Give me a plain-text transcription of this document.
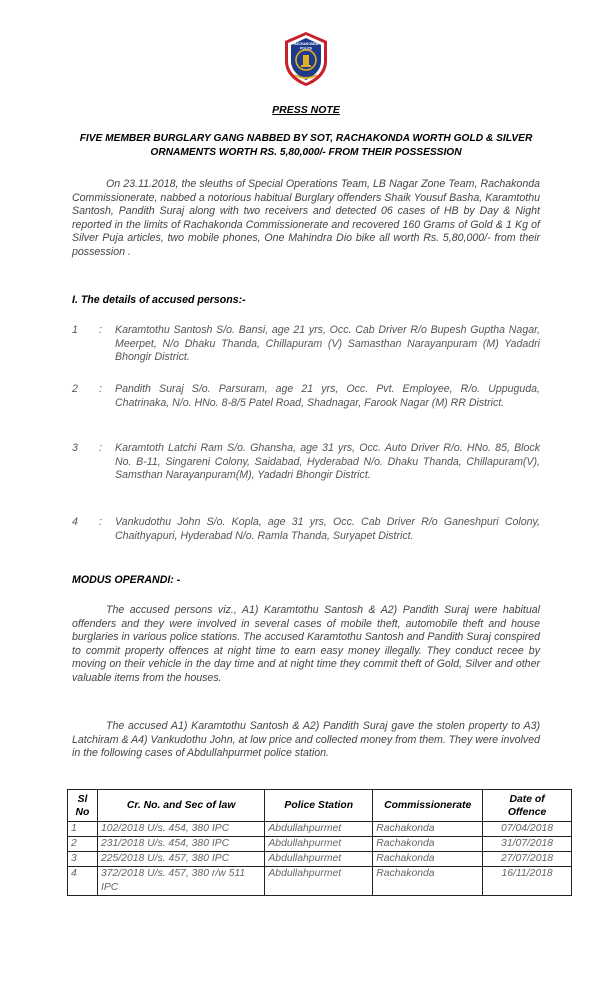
RACHAKONDA
POLICE
PRESS NOTE
FIVE MEMBER BURGLARY GANG NABBED BY SOT, RACHAKONDA WORTH GOLD & SILVER ORNAMENTS WORTH RS. 5,80,000/- FROM THEIR POSSESSION

On 23.11.2018, the sleuths of Special Operations Team, LB Nagar Zone Team, Rachakonda Commissionerate, nabbed a notorious habitual Burglary offenders Shaik Yousuf Basha, Karamtothu Santosh, Pandith Suraj along with two receivers and detected 06 cases of HB by Day & Night reported in the limits of Rachakonda Commissionerate and recovered 160 Grams of Gold & 1 Kg of Silver Puja articles, two mobile phones, One Mahindra Dio bike all worth Rs. 5,80,000/- from their possession .

I. The details of accused persons:-
1	: Karamtothu Santosh S/o. Bansi, age 21 yrs, Occ. Cab Driver R/o Bupesh Guptha Nagar, Meerpet, N/o Dhaku Thanda, Chillapuram (V) Samasthan Narayanpuram (M) Yadadri Bhongir District.

2	: Pandith Suraj S/o. Parsuram, age 21 yrs, Occ. Pvt. Employee, R/o. Uppuguda, Chatrinaka, N/o. HNo. 8-8/5 Patel Road, Shadnagar, Farook Nagar (M) RR District.

3	: Karamtoth Latchi Ram S/o. Ghansha, age 31 yrs, Occ. Auto Driver R/o. HNo. 85, Block No. B-11, Singareni Colony, Saidabad, Hyderabad N/o. Dhaku Thanda, Chillapuram(V), Samsthan Narayanpuram(M), Yadadri Bhongir District.

4	: Vankudothu John S/o. Kopla, age 31 yrs, Occ. Cab Driver R/o Ganeshpuri Colony, Chaithyapuri, Hyderabad N/o. Ramla Thanda, Suryapet District.

MODUS OPERANDI: -

The accused persons viz., A1) Karamtothu Santosh & A2) Pandith Suraj were habitual offenders and they were involved in several cases of mobile theft, automobile theft and house burglaries in various police stations. The accused Karamtothu Santosh and Pandith Suraj conspired to commit property offences at night time to earn easy money illegally. They conduct recee by moving on their vehicle in the day time and at night time they commit theft of Gold, Silver and other valuable items from the houses.

The accused A1) Karamtothu Santosh & A2) Pandith Suraj gave the stolen property to A3) Latchiram & A4) Vankudothu John, at low price and collected money from them. They were involved in the following cases of Abdullahpurmet police station.

Sl
No	Cr. No. and Sec of law	Police Station	Commissionerate	Date of
Offence
1	102/2018 U/s. 454, 380 IPC	Abdullahpurmet	Rachakonda	07/04/2018
2	231/2018 U/s. 454, 380 IPC	Abdullahpurmet	Rachakonda	31/07/2018
3	225/2018 U/s. 457, 380 IPC	Abdullahpurmet	Rachakonda	27/07/2018
4	372/2018 U/s. 457, 380 r/w 511 IPC	Abdullahpurmet	Rachakonda	16/11/2018
